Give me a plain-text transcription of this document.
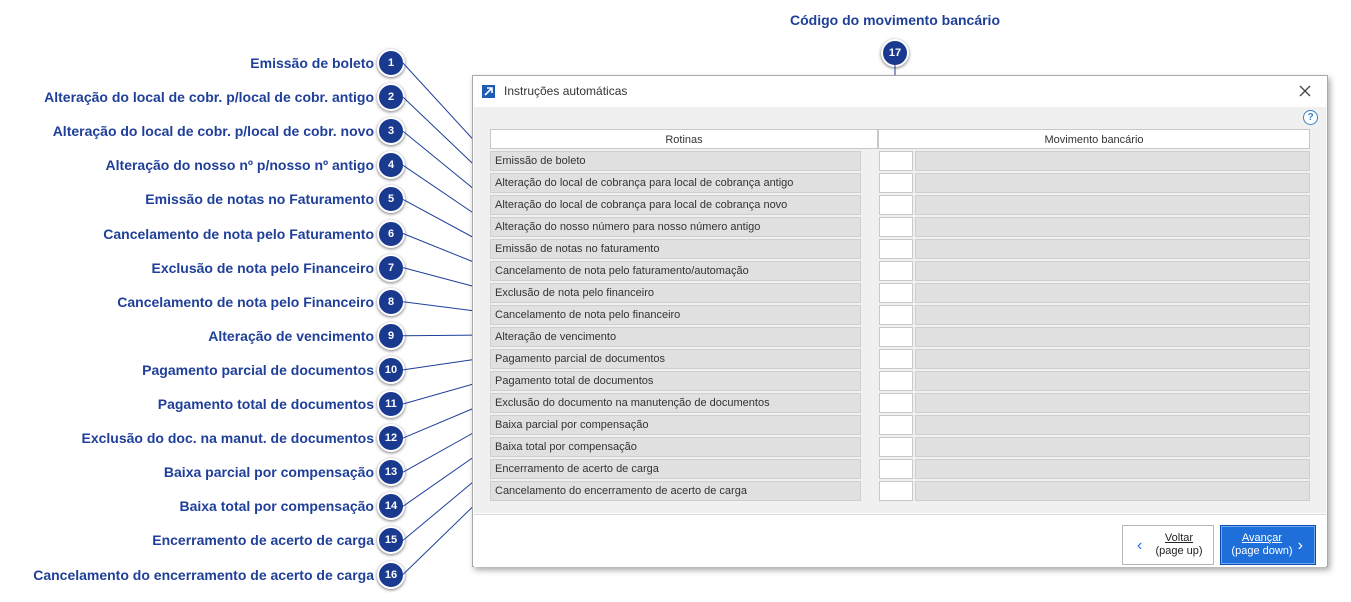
Emissão de boleto	1
Alteração do local de cobr. p/local de cobr. antigo	2
Alteração do local de cobr. p/local de cobr. novo	3
Alteração do nosso nº p/nosso nº antigo	4
Emissão de notas no Faturamento	5
Cancelamento de nota pelo Faturamento	6
Exclusão de nota pelo Financeiro	7
Cancelamento de nota pelo Financeiro	8
Alteração de vencimento	9
Pagamento parcial de documentos 10
Pagamento total de documentos	11
Exclusão do doc. na manut. de documentos 12
Baixa parcial por compensação 13
Baixa total por compensação 14
Encerramento de acerto de carga 15
Cancelamento do encerramento de acerto de carga 16
Código do movimento bancário
17
Instruções automáticas
?
Rotinas	Movimento bancário
Emissão de boleto
Alteração do local de cobrança para local de cobrança antigo
Alteração do local de cobrança para local de cobrança novo
Alteração do nosso número para nosso número antigo
Emissão de notas no faturamento
Cancelamento de nota pelo faturamento/automação
Exclusão de nota pelo financeiro
Cancelamento de nota pelo financeiro
Alteração de vencimento
Pagamento parcial de documentos
Pagamento total de documentos
Exclusão do documento na manutenção de documentos
Baixa parcial por compensação
Baixa total por compensação
Encerramento de acerto de carga
Cancelamento do encerramento de acerto de carga
‹	Voltar
(page up)
Avançar
(page down) ›
